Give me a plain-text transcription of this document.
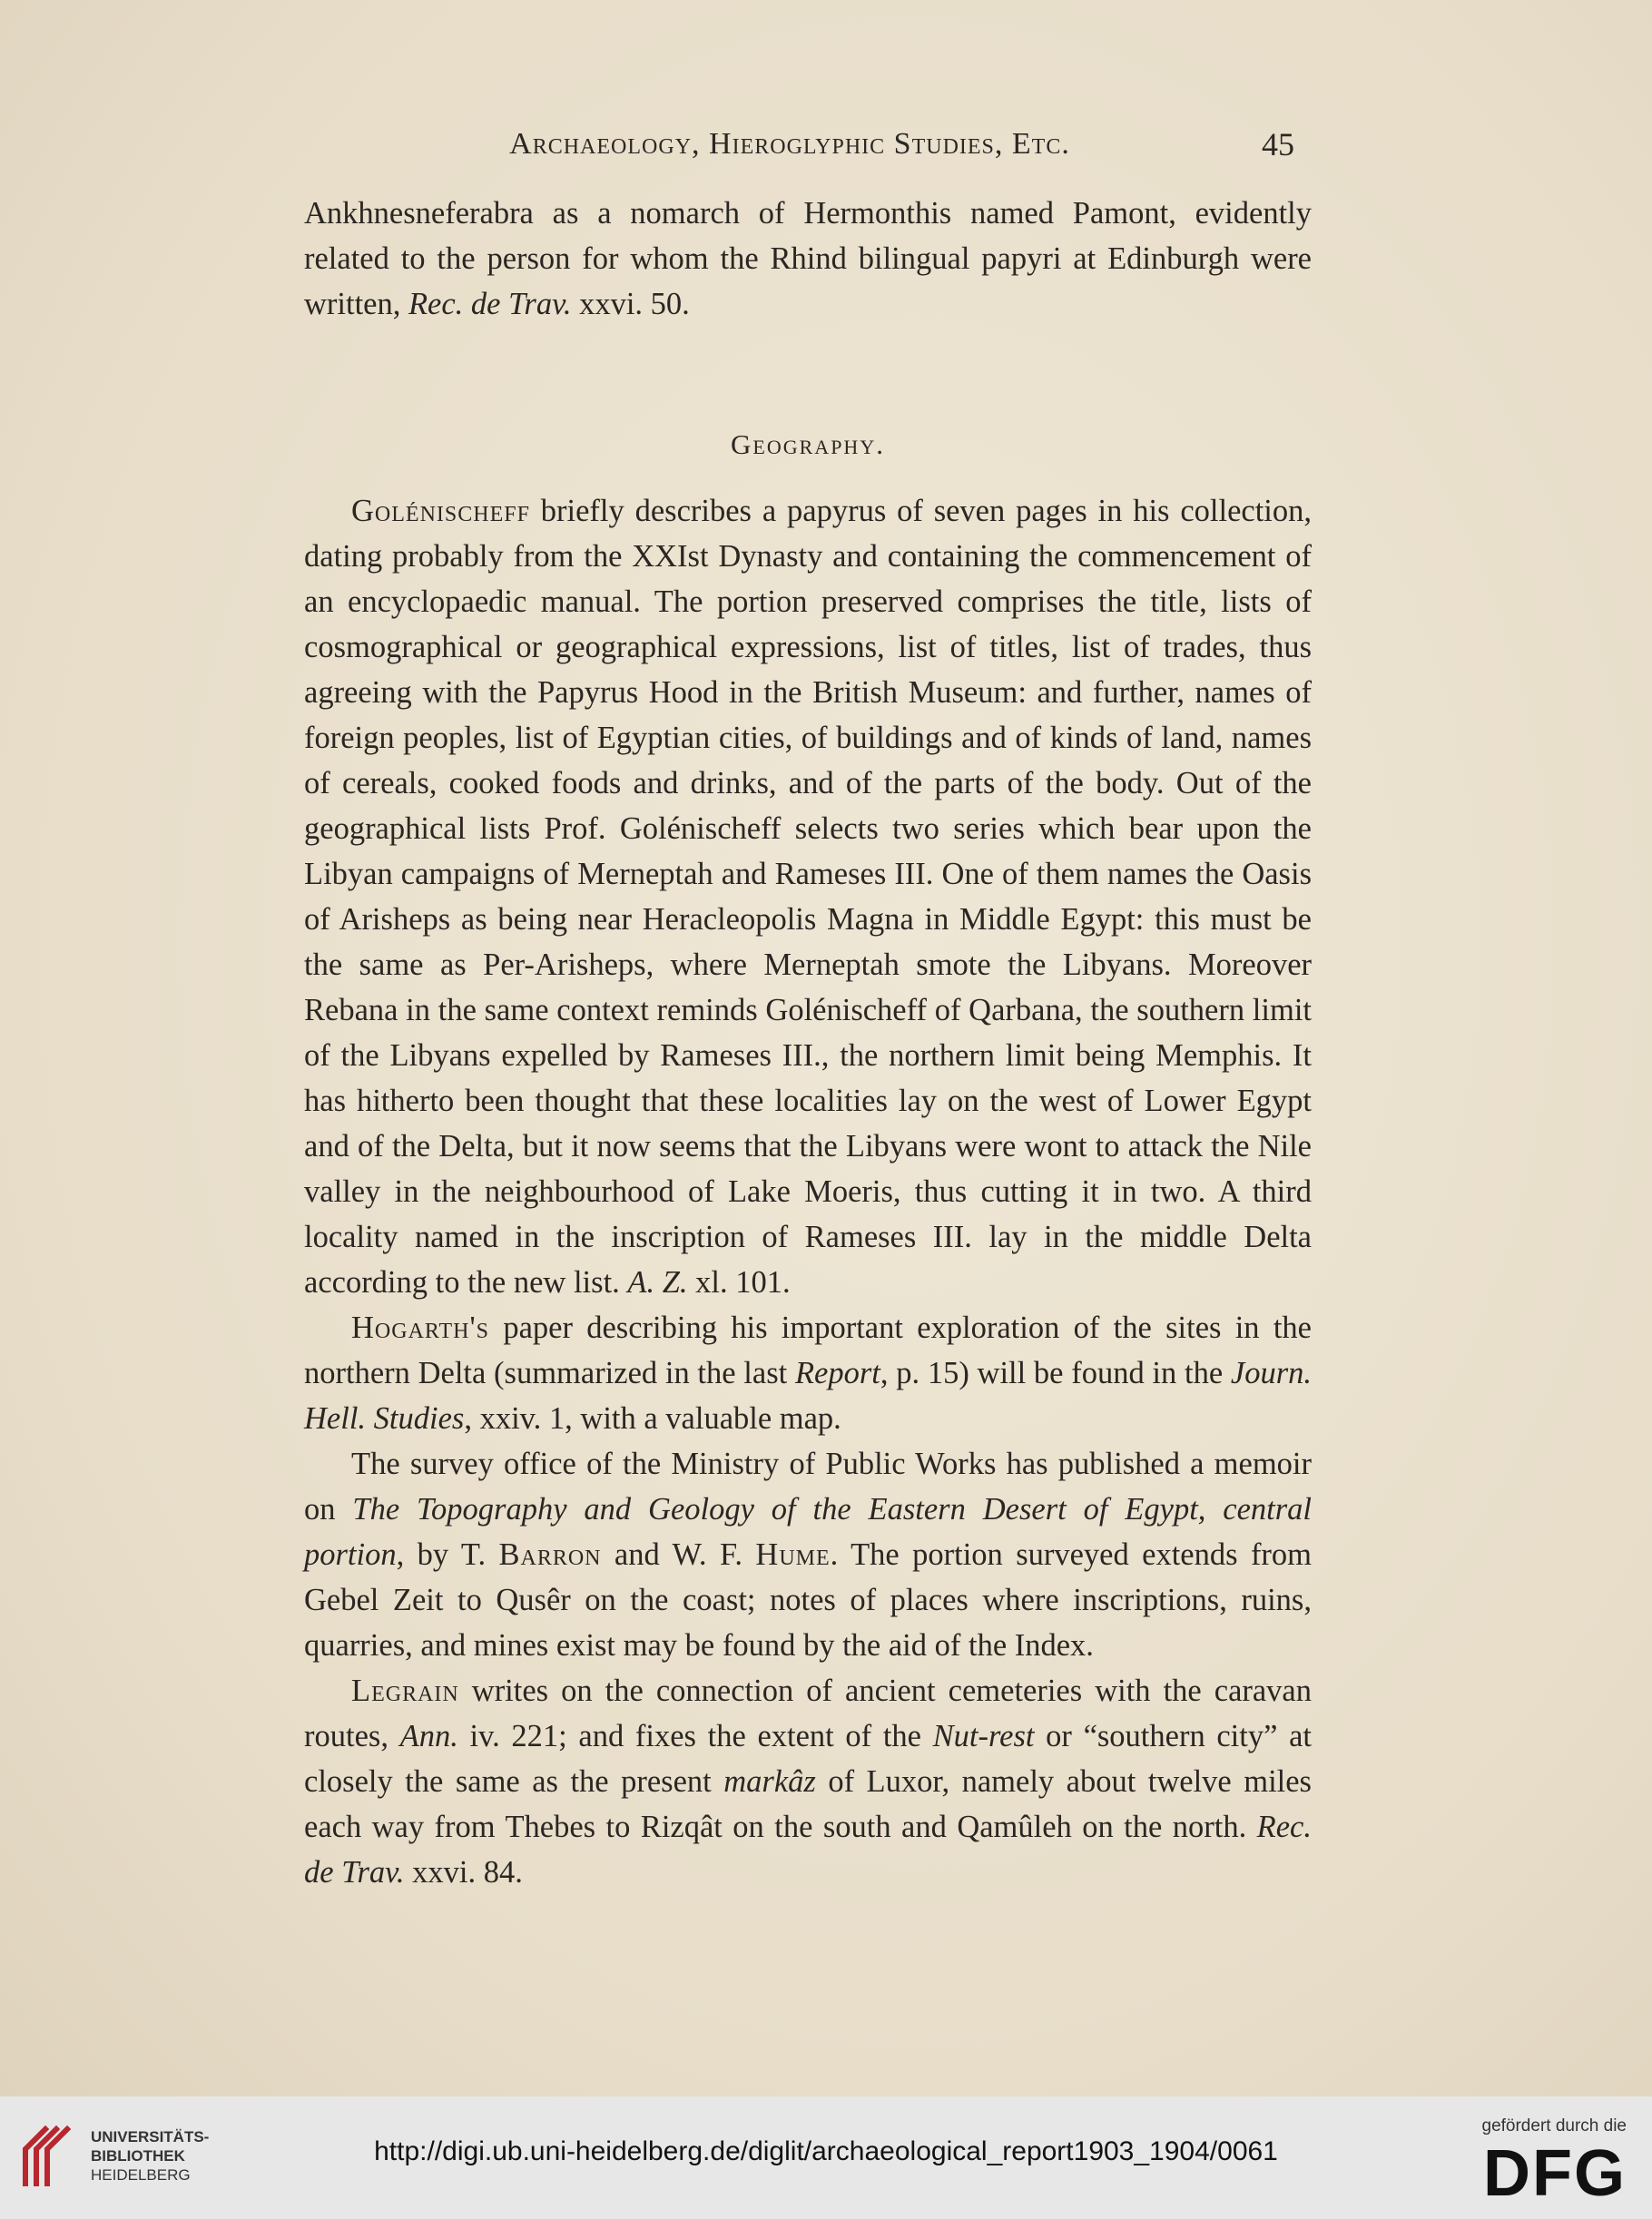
Archaeology, Hieroglyphic Studies, Etc.	45

Ankhnesneferabra as a nomarch of Hermonthis named Pamont, evidently related to the person for whom the Rhind bilingual papyri at Edinburgh were written, Rec. de Trav. xxvi. 50.

Geography.

Golénischeff briefly describes a papyrus of seven pages in his collection, dating probably from the XXIst Dynasty and containing the commencement of an encyclopaedic manual. The portion preserved comprises the title, lists of cosmographical or geographical expressions, list of titles, list of trades, thus agreeing with the Papyrus Hood in the British Museum: and further, names of foreign peoples, list of Egyptian cities, of buildings and of kinds of land, names of cereals, cooked foods and drinks, and of the parts of the body. Out of the geographical lists Prof. Golénischeff selects two series which bear upon the Libyan campaigns of Merneptah and Rameses III. One of them names the Oasis of Arisheps as being near Heracleopolis Magna in Middle Egypt: this must be the same as Per-Arisheps, where Merneptah smote the Libyans. Moreover Rebana in the same context reminds Golénischeff of Qarbana, the southern limit of the Libyans expelled by Rameses III., the northern limit being Memphis. It has hitherto been thought that these localities lay on the west of Lower Egypt and of the Delta, but it now seems that the Libyans were wont to attack the Nile valley in the neighbourhood of Lake Moeris, thus cutting it in two. A third locality named in the inscription of Rameses III. lay in the middle Delta according to the new list. A. Z. xl. 101.

Hogarth's paper describing his important exploration of the sites in the northern Delta (summarized in the last Report, p. 15) will be found in the Journ. Hell. Studies, xxiv. 1, with a valuable map.

The survey office of the Ministry of Public Works has published a memoir on The Topography and Geology of the Eastern Desert of Egypt, central portion, by T. Barron and W. F. Hume. The portion surveyed extends from Gebel Zeit to Qusêr on the coast; notes of places where inscriptions, ruins, quarries, and mines exist may be found by the aid of the Index.

Legrain writes on the connection of ancient cemeteries with the caravan routes, Ann. iv. 221; and fixes the extent of the Nut-rest or “southern city” at closely the same as the present markâz of Luxor, namely about twelve miles each way from Thebes to Rizqât on the south and Qamûleh on the north. Rec. de Trav. xxvi. 84.

UNIVERSITÄTS-
BIBLIOTHEK
HEIDELBERG
http://digi.ub.uni-heidelberg.de/diglit/archaeological_report1903_1904/0061
gefördert durch die
DFG
